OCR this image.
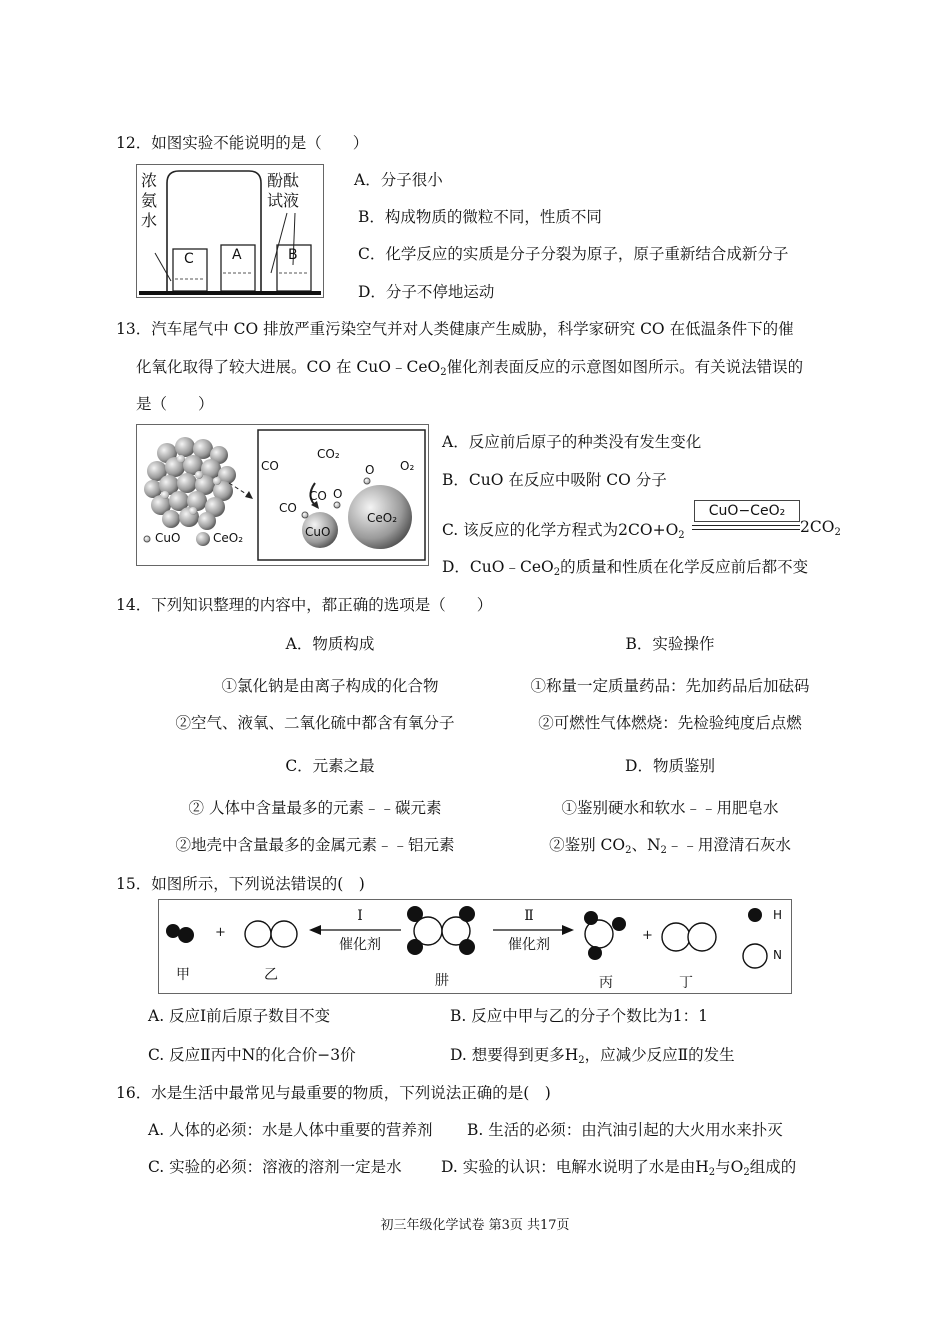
12．如图实验不能说明的是（　　）
浓氨水
酚酞试液
C	A	B
A．分子很小
B．构成物质的微粒不同，性质不同
C．化学反应的实质是分子分裂为原子，原子重新结合成新分子
D．分子不停地运动
13．汽车尾气中 CO 排放严重污染空气并对人类健康产生威胁，科学家研究 CO 在低温条件下的催
化氧化取得了较大进展。CO 在 CuO﹣CeO$_2$催化剂表面反应的示意图如图所示。有关说法错误的
是（　　）
CO
CO₂
CO
CO O
O O₂
CuO
CeO₂
CuO	CeO₂
A．反应前后原子的种类没有发生变化
B．CuO 在反应中吸附 CO 分子
C. 该反应的化学方程式为$2CO+O_2$
CuO−CeO₂
$2CO_2$
D．CuO﹣CeO$_2$的质量和性质在化学反应前后都不变
14．下列知识整理的内容中，都正确的选项是（　　）
A．物质构成	B．实验操作
①氯化钠是由离子构成的化合物	①称量一定质量药品：先加药品后加砝码
②空气、液氧、二氧化硫中都含有氧分子	②可燃性气体燃烧：先检验纯度后点燃
C．元素之最	D．物质鉴别
② 人体中含量最多的元素﹣﹣碳元素	①鉴别硬水和软水﹣﹣用肥皂水
②地壳中含量最多的金属元素﹣﹣铝元素	②鉴别 $CO_2$、$N_2﹣﹣$用澄清石灰水
15．如图所示，下列说法错误的(　)
+	+
I
催化剂
Ⅱ
催化剂
甲	乙	肼	丙	丁
H
N
A. 反应Ⅰ前后原子数目不变	B. 反应中甲与乙的分子个数比为1：1
C. 反应Ⅱ丙中N的化合价−3价	D. 想要得到更多$H_2$，应减少反应Ⅱ的发生
16．水是生活中最常见与最重要的物质，下列说法正确的是(　)
A. 人体的必须：水是人体中重要的营养剂 B. 生活的必须：由汽油引起的大火用水来扑灭
C. 实验的必须：溶液的溶剂一定是水	D. 实验的认识：电解水说明了水是由$H_2$与$O_2$组成的
初三年级化学试卷 第3页 共17页
